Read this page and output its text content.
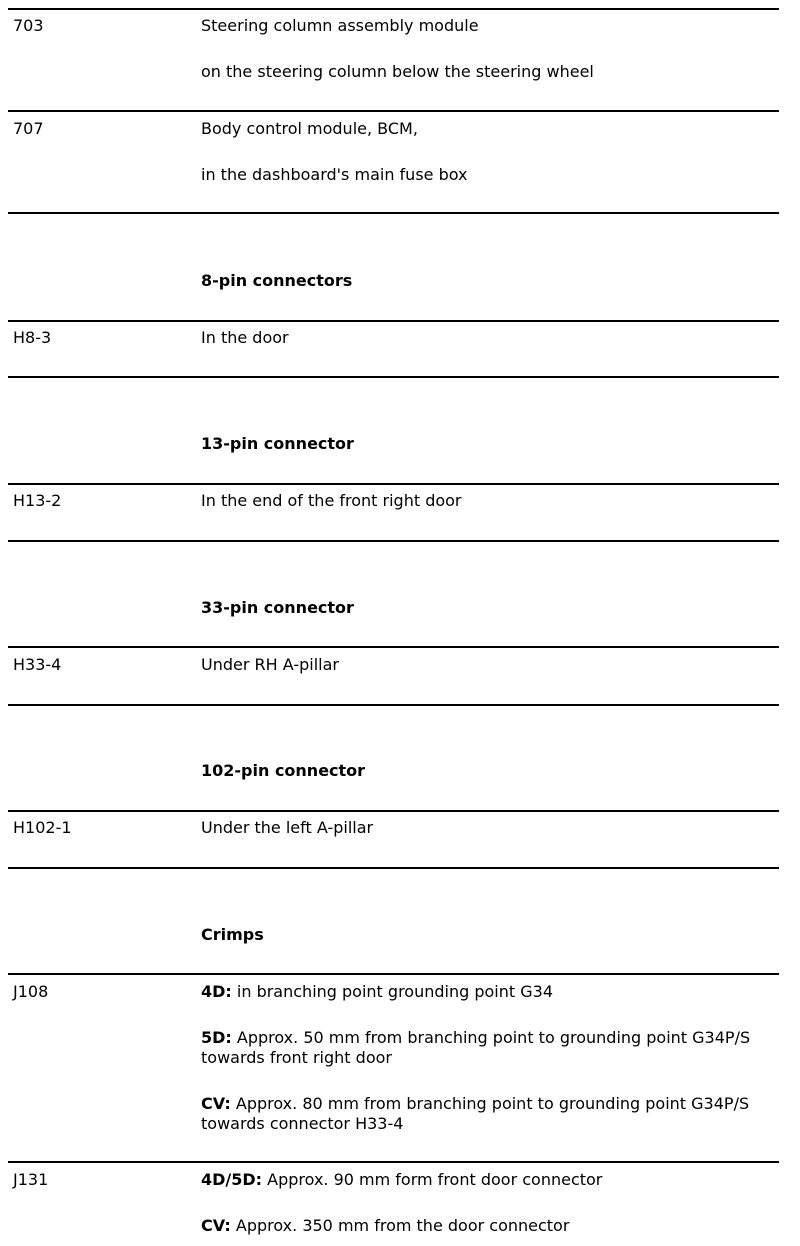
703	Steering column assembly module

on the steering column below the steering wheel

707	Body control module, BCM,

in the dashboard's main fuse box

8-pin connectors
H8-3	In the door
13-pin connector
H13-2	In the end of the front right door
33-pin connector
H33-4	Under RH A-pillar
102-pin connector
H102-1	Under the left A-pillar
Crimps
J108	4D: in branching point grounding point G34

5D: Approx. 50 mm from branching point to grounding point G34P/S towards front right door

CV: Approx. 80 mm from branching point to grounding point G34P/S towards connector H33-4

J131	4D/5D: Approx. 90 mm form front door connector

CV: Approx. 350 mm from the door connector
